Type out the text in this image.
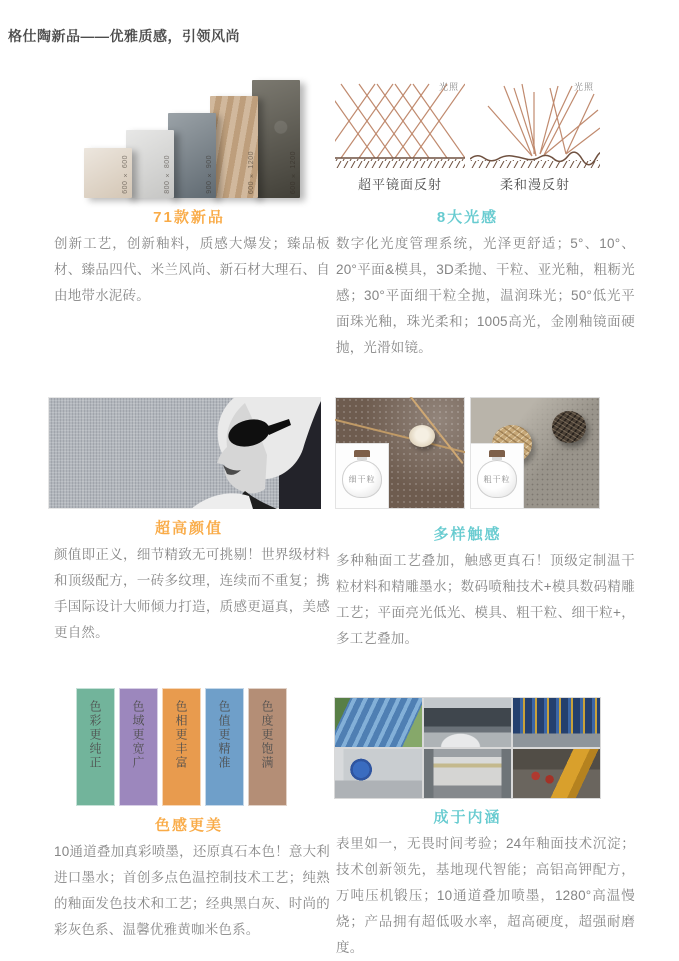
格仕陶新品——优雅质感，引领风尚
600 × 600	800 × 800	900 × 900	600 × 1200	600 × 1200
71款新品

创新工艺，创新釉料，质感大爆发；臻品板材、臻品四代、米兰风尚、新石材大理石、自由地带水泥砖。

光照
超平镜面反射
光照
柔和漫反射
8大光感

数字化光度管理系统，光泽更舒适；5°、10°、20°平面&模具，3D柔抛、干粒、亚光釉，粗粝光感；30°平面细干粒全抛，温润珠光；50°低光平面珠光釉，珠光柔和；1005高光，金刚釉镜面硬抛，光滑如镜。

超高颜值

颜值即正义，细节精致无可挑剔！世界级材料和顶级配方，一砖多纹理，连续而不重复；携手国际设计大师倾力打造，质感更逼真，美感更自然。

细干粒	粗干粒
多样触感

多种釉面工艺叠加，触感更真石！顶级定制温干粒材料和精雕墨水；数码喷釉技术+模具数码精雕工艺；平面亮光低光、模具、粗干粒、细干粒+，多工艺叠加。

色彩更纯正 色域更宽广 色相更丰富 色值更精准 色度更饱满
色感更美

10通道叠加真彩喷墨，还原真石本色！意大利进口墨水；首创多点色温控制技术工艺；纯熟的釉面发色技术和工艺；经典黑白灰、时尚的彩灰色系、温馨优雅黄咖米色系。

成于内涵

表里如一，无畏时间考验；24年釉面技术沉淀；技术创新领先，基地现代智能；高铝高钾配方，万吨压机锻压；10通道叠加喷墨，1280°高温慢烧；产品拥有超低吸水率，超高硬度，超强耐磨度。
